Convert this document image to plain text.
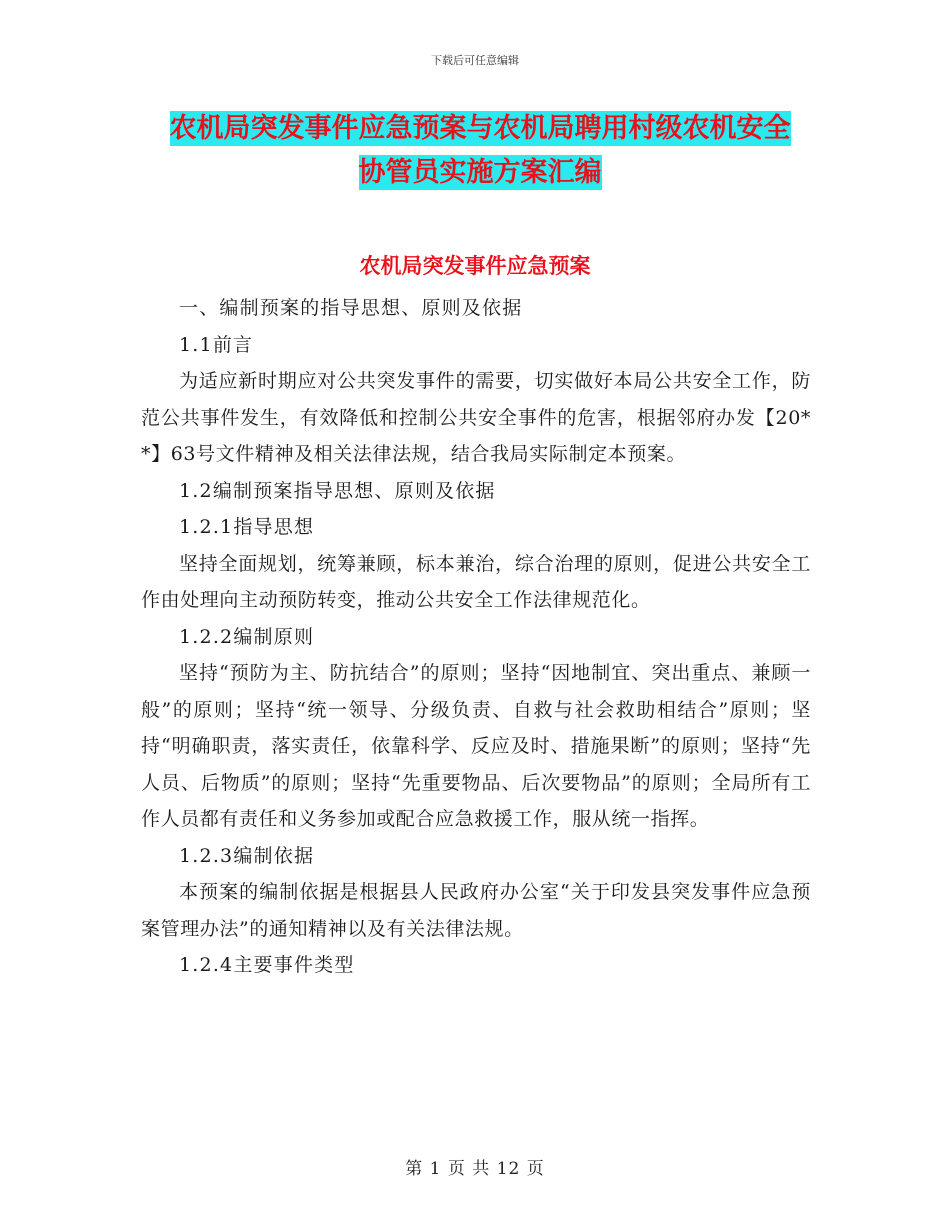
下载后可任意编辑
农机局突发事件应急预案与农机局聘用村级农机安全
协管员实施方案汇编
农机局突发事件应急预案

一、编制预案的指导思想、原则及依据

1.1前言

为适应新时期应对公共突发事件的需要，切实做好本局公共安全工作，防范公共事件发生，有效降低和控制公共安全事件的危害，根据邻府办发【20**】63号文件精神及相关法律法规，结合我局实际制定本预案。

1.2编制预案指导思想、原则及依据

1.2.1指导思想

坚持全面规划，统筹兼顾，标本兼治，综合治理的原则，促进公共安全工作由处理向主动预防转变，推动公共安全工作法律规范化。

1.2.2编制原则

坚持“预防为主、防抗结合”的原则；坚持“因地制宜、突出重点、兼顾一般”的原则；坚持“统一领导、分级负责、自救与社会救助相结合”原则；坚持“明确职责，落实责任，依靠科学、反应及时、措施果断”的原则；坚持“先人员、后物质”的原则；坚持“先重要物品、后次要物品”的原则；全局所有工作人员都有责任和义务参加或配合应急救援工作，服从统一指挥。

1.2.3编制依据

本预案的编制依据是根据县人民政府办公室“关于印发县突发事件应急预案管理办法”的通知精神以及有关法律法规。

1.2.4主要事件类型

第 1 页 共 12 页
